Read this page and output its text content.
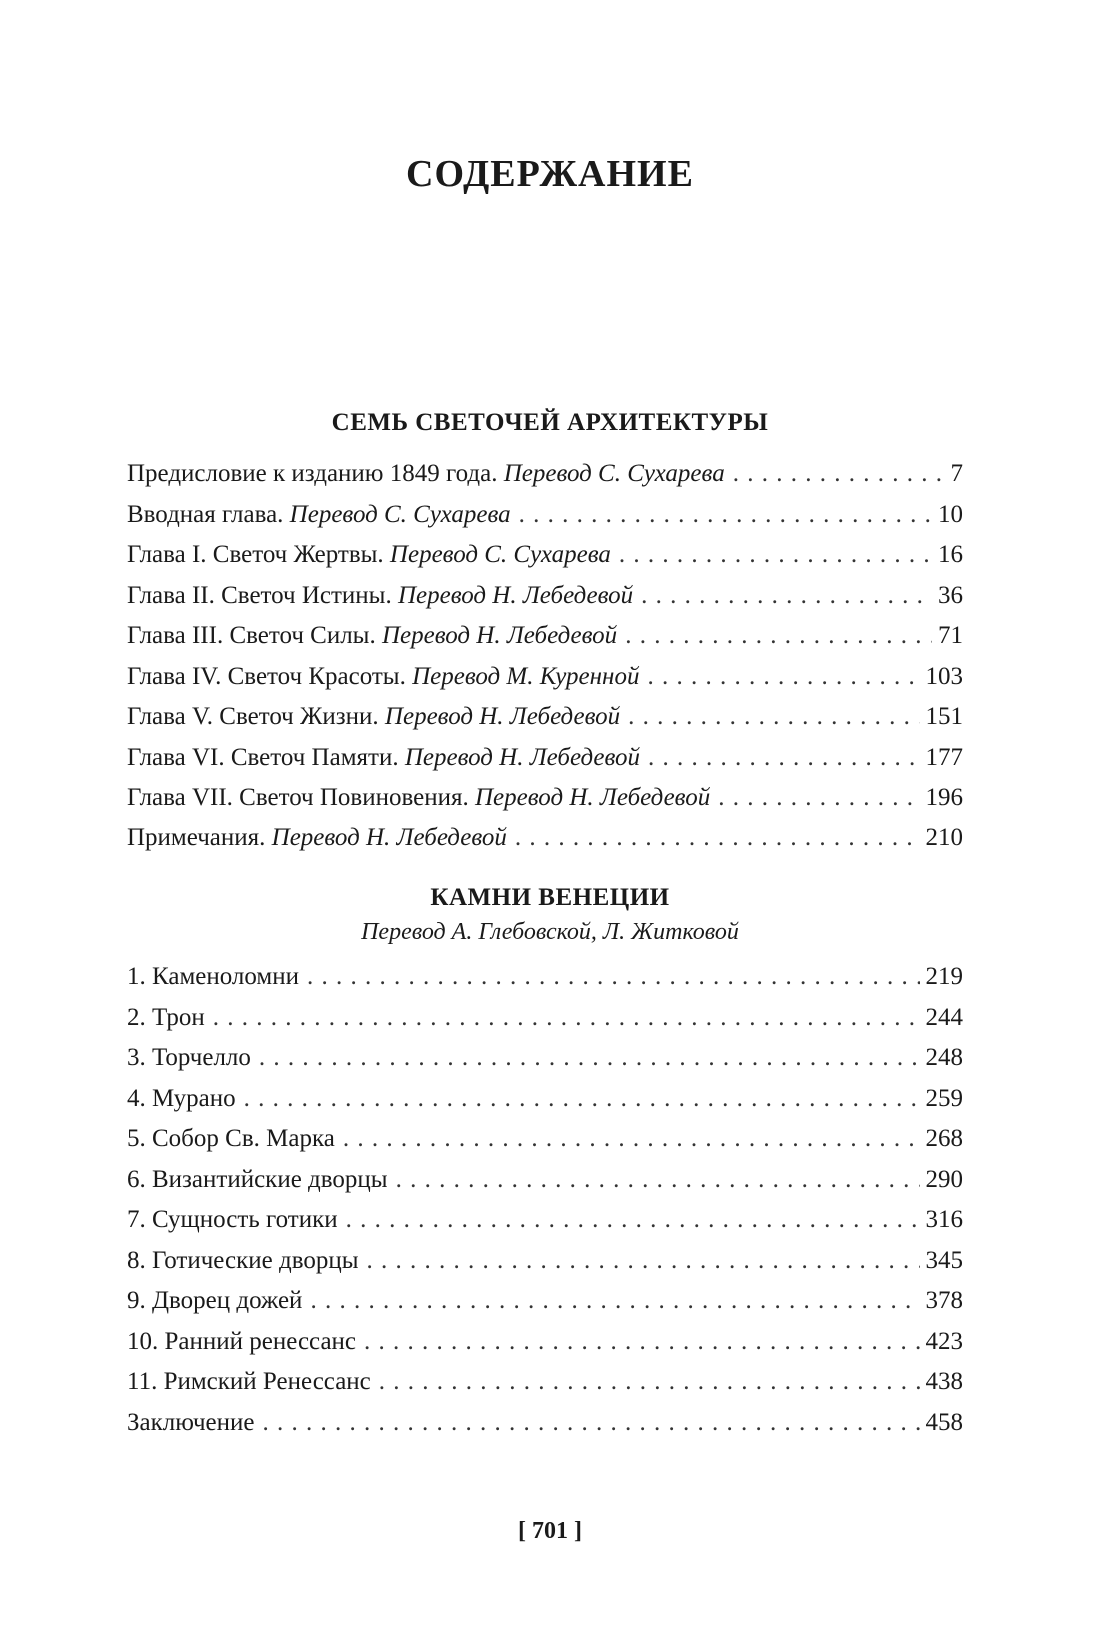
СОДЕРЖАНИЕ
СЕМЬ СВЕТОЧЕЙ АРХИТЕКТУРЫ
Предисловие к изданию 1849 года. Перевод С. Сухарева . . .	7
Вводная глава. Перевод С. Сухарева . . .	10
Глава I. Светоч Жертвы. Перевод С. Сухарева . . .	16
Глава II. Светоч Истины. Перевод Н. Лебедевой . . .	36
Глава III. Светоч Силы. Перевод Н. Лебедевой . . .	71
Глава IV. Светоч Красоты. Перевод М. Куренной . . .	103
Глава V. Светоч Жизни. Перевод Н. Лебедевой . . .	151
Глава VI. Светоч Памяти. Перевод Н. Лебедевой . . .	177
Глава VII. Светоч Повиновения. Перевод Н. Лебедевой . . .	196
Примечания. Перевод Н. Лебедевой . . .	210
КАМНИ ВЕНЕЦИИ

Перевод А. Глебовской, Л. Житковой

1. Каменоломни . . .	219
2. Трон . . .	244
3. Торчелло . . .	248
4. Мурано . . .	259
5. Собор Св. Марка . . .	268
6. Византийские дворцы . . .	290
7. Сущность готики . . .	316
8. Готические дворцы . . .	345
9. Дворец дожей . . .	378
10. Ранний ренессанс . . .	423
11. Римский Ренессанс . . .	438
Заключение . . .	458

[ 701 ]
